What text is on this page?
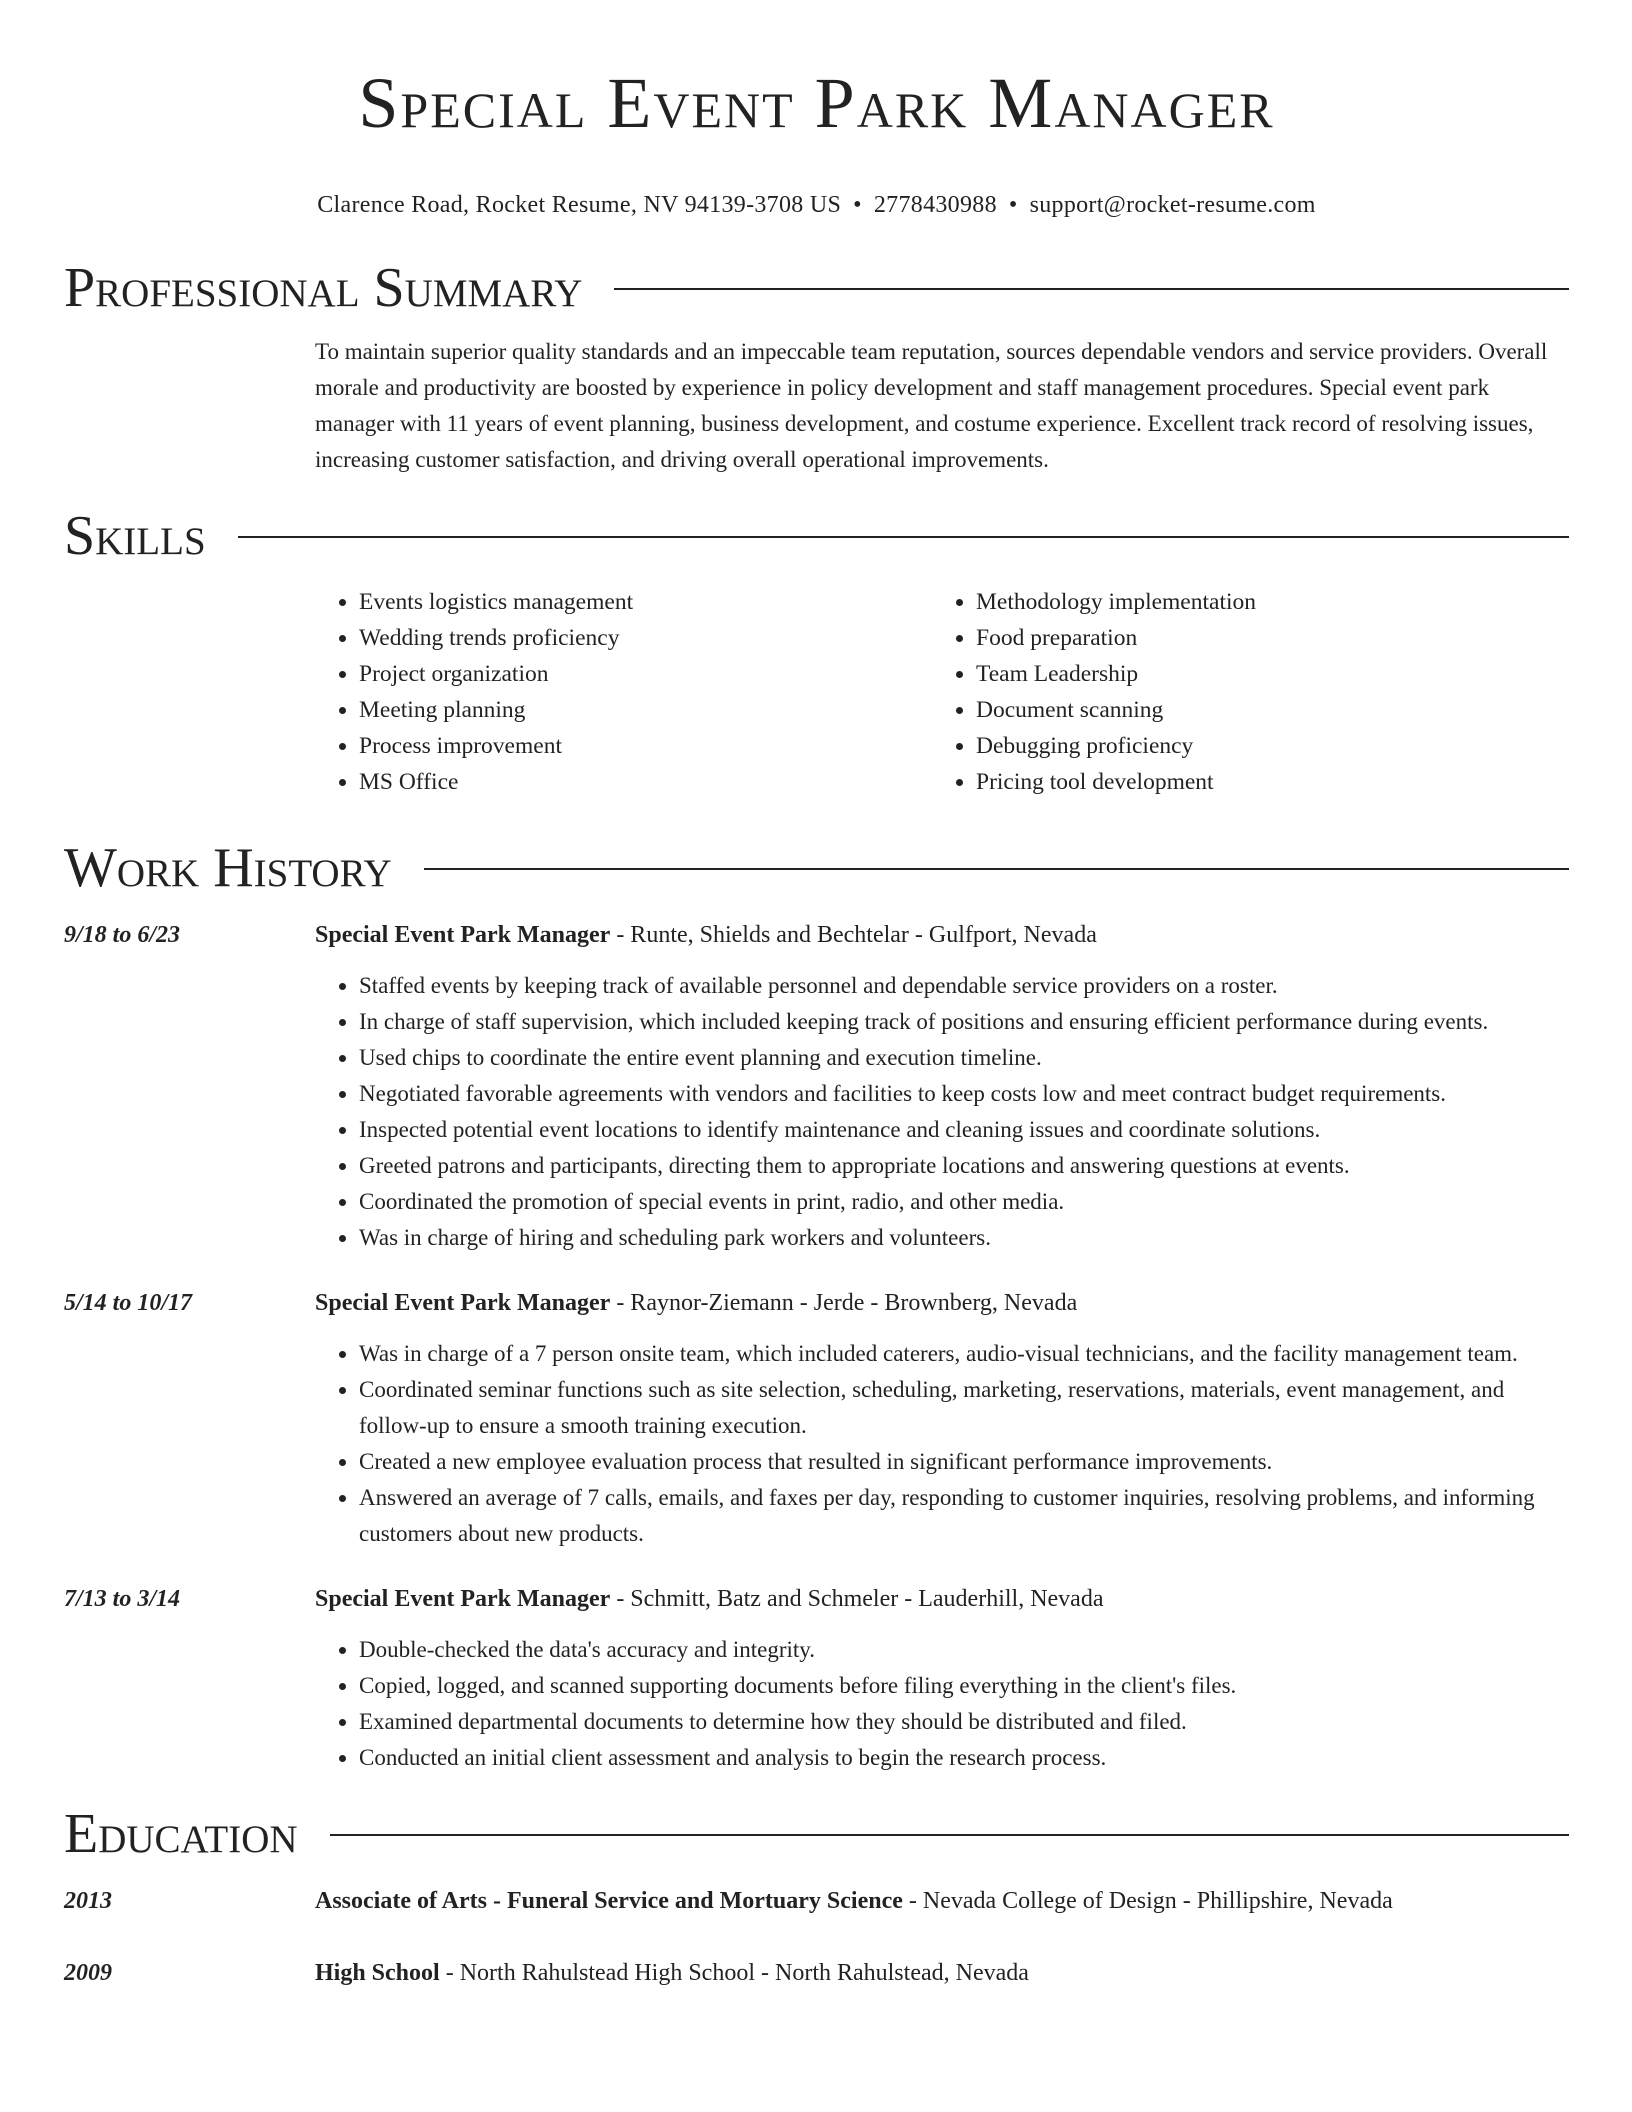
Special Event Park Manager
Clarence Road, Rocket Resume, NV 94139-3708 US • 2778430988 • support@rocket-resume.com
Professional Summary
To maintain superior quality standards and an impeccable team reputation, sources dependable vendors and service providers. Overall morale and productivity are boosted by experience in policy development and staff management procedures. Special event park manager with 11 years of event planning, business development, and costume experience. Excellent track record of resolving issues, increasing customer satisfaction, and driving overall operational improvements.
Skills
• Events logistics management
• Wedding trends proficiency
• Project organization
• Meeting planning
• Process improvement
• MS Office
• Methodology implementation
• Food preparation
• Team Leadership
• Document scanning
• Debugging proficiency
• Pricing tool development
Work History
9/18 to 6/23	Special Event Park Manager - Runte, Shields and Bechtelar - Gulfport, Nevada
• Staffed events by keeping track of available personnel and dependable service providers on a roster.
• In charge of staff supervision, which included keeping track of positions and ensuring efficient performance during events.
• Used chips to coordinate the entire event planning and execution timeline.
• Negotiated favorable agreements with vendors and facilities to keep costs low and meet contract budget requirements.
• Inspected potential event locations to identify maintenance and cleaning issues and coordinate solutions.
• Greeted patrons and participants, directing them to appropriate locations and answering questions at events.
• Coordinated the promotion of special events in print, radio, and other media.
• Was in charge of hiring and scheduling park workers and volunteers.
5/14 to 10/17	Special Event Park Manager - Raynor-Ziemann - Jerde - Brownberg, Nevada
• Was in charge of a 7 person onsite team, which included caterers, audio-visual technicians, and the facility management team.
• Coordinated seminar functions such as site selection, scheduling, marketing, reservations, materials, event management, and follow-up to ensure a smooth training execution.
• Created a new employee evaluation process that resulted in significant performance improvements.
• Answered an average of 7 calls, emails, and faxes per day, responding to customer inquiries, resolving problems, and informing customers about new products.
7/13 to 3/14	Special Event Park Manager - Schmitt, Batz and Schmeler - Lauderhill, Nevada
• Double-checked the data's accuracy and integrity.
• Copied, logged, and scanned supporting documents before filing everything in the client's files.
• Examined departmental documents to determine how they should be distributed and filed.
• Conducted an initial client assessment and analysis to begin the research process.
Education
2013	Associate of Arts - Funeral Service and Mortuary Science - Nevada College of Design - Phillipshire, Nevada
2009	High School - North Rahulstead High School - North Rahulstead, Nevada
